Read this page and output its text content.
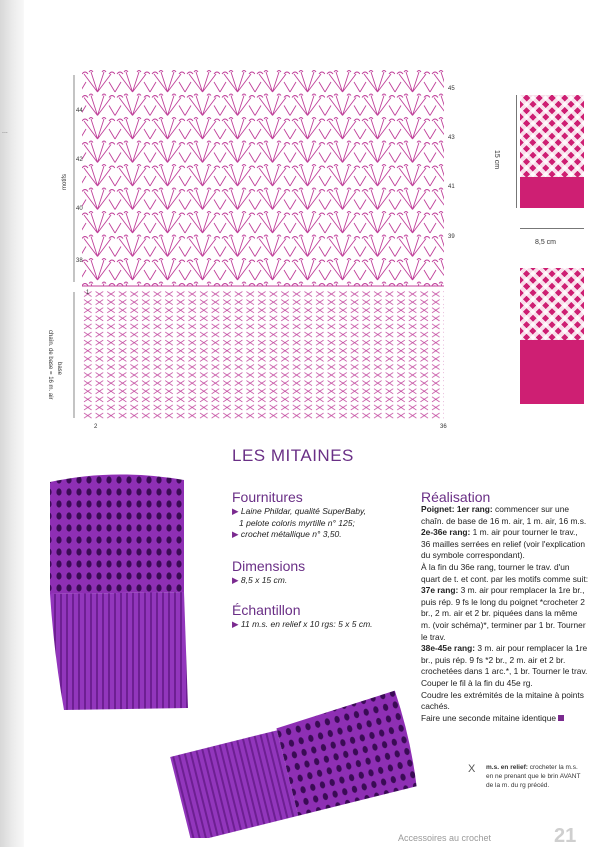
...
motifs
base
chaîn. de base = 16 m. air
44
42
40
38
1
2
45
43
41
39
36
15 cm
8,5 cm
LES MITAINES
Fournitures
▶ Laine Phildar, qualité SuperBaby,
1 pelote coloris myrtille n° 125;
▶ crochet métallique n° 3,50.
Dimensions
▶ 8,5 x 15 cm.
Échantillon
▶ 11 m.s. en relief x 10 rgs: 5 x 5 cm.
Réalisation

Poignet: 1er rang: commencer sur une chaîn. de base de 16 m. air, 1 m. air, 16 m.s.

2e-36e rang: 1 m. air pour tourner le trav., 36 mailles serrées en relief (voir l'explication du symbole correspondant).

À la fin du 36e rang, tourner le trav. d'un quart de t. et cont. par les motifs comme suit:

37e rang: 3 m. air pour remplacer la 1re br., puis rép. 9 fs le long du poignet *crocheter 2 br., 2 m. air et 2 br. piquées dans la même m. (voir schéma)*, terminer par 1 br. Tourner le trav.

38e-45e rang: 3 m. air pour remplacer la 1re br., puis rép. 9 fs *2 br., 2 m. air et 2 br. crochetées dans 1 arc.*, 1 br. Tourner le trav.

Couper le fil à la fin du 45e rg.

Coudre les extrémités de la mitaine à points cachés.

Faire une seconde mitaine identique

X m.s. en relief: crocheter la m.s. en ne prenant que le brin AVANT de la m. du rg précéd.
Accessoires au crochet	21
